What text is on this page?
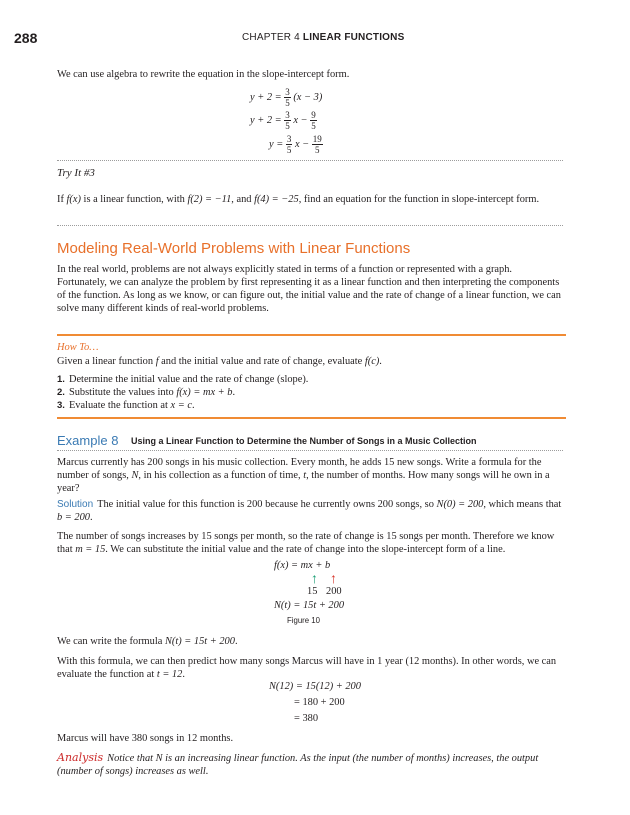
288	CHAPTER 4 LINEAR FUNCTIONS

We can use algebra to rewrite the equation in the slope-intercept form.

$y + 2 = \frac{3}{5} (x - 3)$
$y + 2 = \frac{3}{5}$ $x - \frac{9}{5}$
$y = \frac{3}{5}$ $x - \frac{19}{5}$
Try It #3

If f(x) is a linear function, with f(2) = −11, and f(4) = −25, find an equation for the function in slope-intercept form.

Modeling Real-World Problems with Linear Functions

In the real world, problems are not always explicitly stated in terms of a function or represented with a graph. Fortunately, we can analyze the problem by first representing it as a linear function and then interpreting the components of the function. As long as we know, or can figure out, the initial value and the rate of change of a linear function, we can solve many different kinds of real-world problems.

How To…

Given a linear function f and the initial value and rate of change, evaluate f(c).

1. Determine the initial value and the rate of change (slope).
2. Substitute the values into f(x) = mx + b.
3. Evaluate the function at x = c.
Example 8 Using a Linear Function to Determine the Number of Songs in a Music Collection

Marcus currently has 200 songs in his music collection. Every month, he adds 15 new songs. Write a formula for the number of songs, N, in his collection as a function of time, t, the number of months. How many songs will he own in a year?

Solution The initial value for this function is 200 because he currently owns 200 songs, so N(0) = 200, which means that b = 200.

The number of songs increases by 15 songs per month, so the rate of change is 15 songs per month. Therefore we know that m = 15. We can substitute the initial value and the rate of change into the slope-intercept form of a line.

f(x) = mx + b
↑ ↑
15 200
N(t) = 15t + 200
Figure 10

We can write the formula N(t) = 15t + 200.

With this formula, we can then predict how many songs Marcus will have in 1 year (12 months). In other words, we can evaluate the function at t = 12.

N(12) = 15(12) + 200
= 180 + 200
= 380

Marcus will have 380 songs in 12 months.

Analysis Notice that N is an increasing linear function. As the input (the number of months) increases, the output (number of songs) increases as well.
